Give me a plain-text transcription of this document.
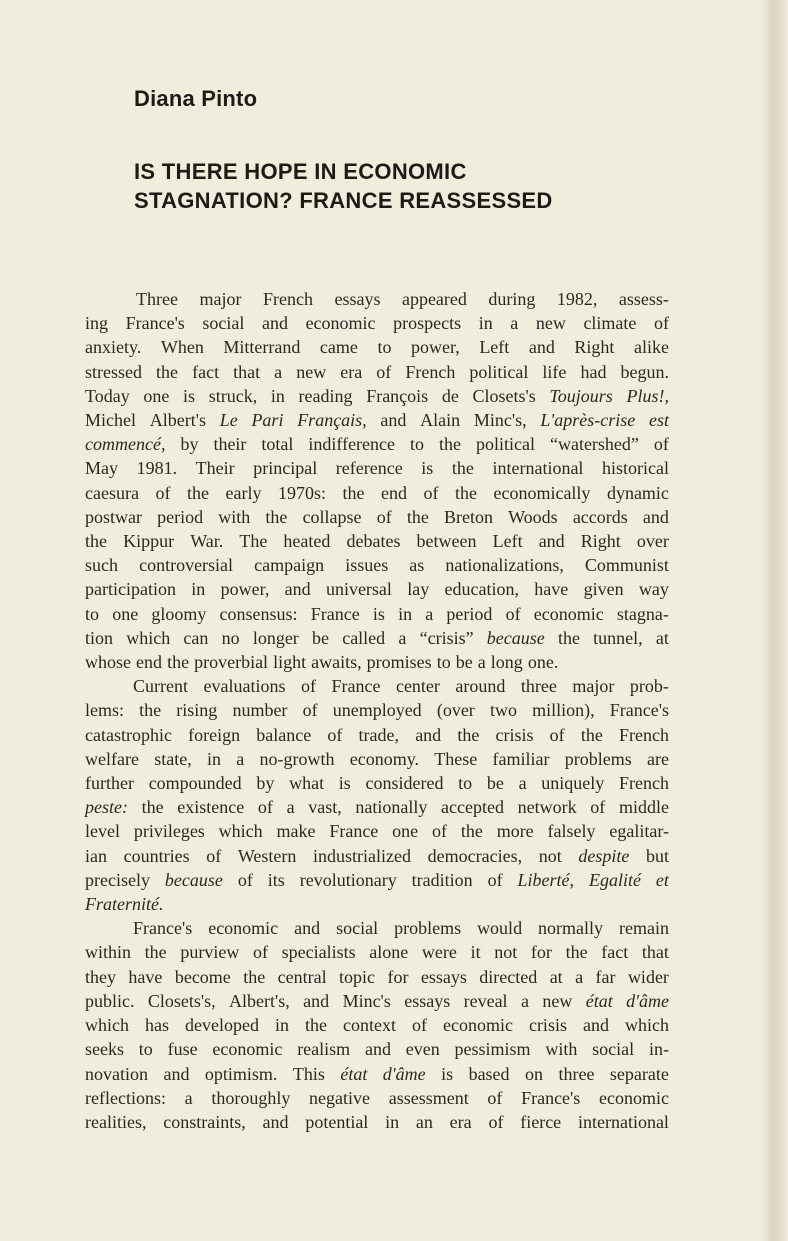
Diana Pinto
IS THERE HOPE IN ECONOMIC
STAGNATION? FRANCE REASSESSED
Three major French essays appeared during 1982, assess-
ing France's social and economic prospects in a new climate of
anxiety. When Mitterrand came to power, Left and Right alike
stressed the fact that a new era of French political life had begun.
Today one is struck, in reading François de Closets's Toujours Plus!,
Michel Albert's Le Pari Français, and Alain Minc's, L'après-crise est
commencé, by their total indifference to the political “watershed” of
May 1981. Their principal reference is the international historical
caesura of the early 1970s: the end of the economically dynamic
postwar period with the collapse of the Breton Woods accords and
the Kippur War. The heated debates between Left and Right over
such controversial campaign issues as nationalizations, Communist
participation in power, and universal lay education, have given way
to one gloomy consensus: France is in a period of economic stagna-
tion which can no longer be called a “crisis” because the tunnel, at
whose end the proverbial light awaits, promises to be a long one.
Current evaluations of France center around three major prob-
lems: the rising number of unemployed (over two million), France's
catastrophic foreign balance of trade, and the crisis of the French
welfare state, in a no-growth economy. These familiar problems are
further compounded by what is considered to be a uniquely French
peste: the existence of a vast, nationally accepted network of middle
level privileges which make France one of the more falsely egalitar-
ian countries of Western industrialized democracies, not despite but
precisely because of its revolutionary tradition of Liberté, Egalité et
Fraternité.
France's economic and social problems would normally remain
within the purview of specialists alone were it not for the fact that
they have become the central topic for essays directed at a far wider
public. Closets's, Albert's, and Minc's essays reveal a new état d'âme
which has developed in the context of economic crisis and which
seeks to fuse economic realism and even pessimism with social in-
novation and optimism. This état d'âme is based on three separate
reflections: a thoroughly negative assessment of France's economic
realities, constraints, and potential in an era of fierce international
